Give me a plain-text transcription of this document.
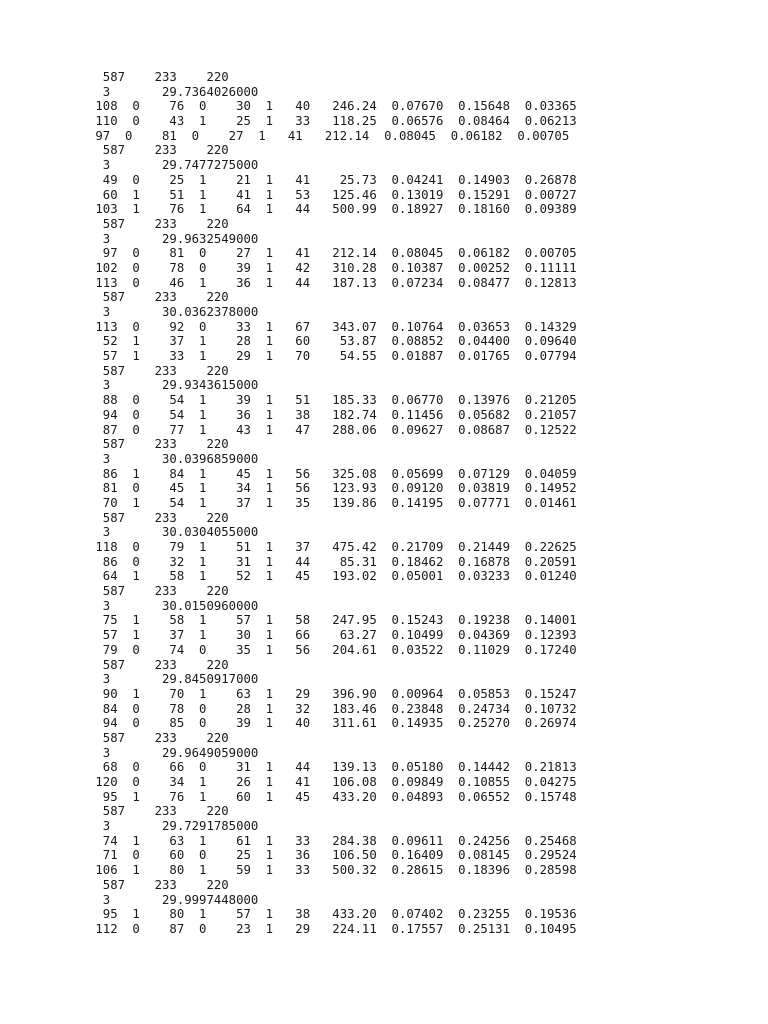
587    233    220
3       29.7364026000
108  0    76  0    30  1   40   246.24  0.07670  0.15648  0.03365
110  0    43  1    25  1   33   118.25  0.06576  0.08464  0.06213
97  0    81  0    27  1   41   212.14  0.08045  0.06182  0.00705
587    233    220
3       29.7477275000
49  0    25  1    21  1   41    25.73  0.04241  0.14903  0.26878
60  1    51  1    41  1   53   125.46  0.13019  0.15291  0.00727
103  1    76  1    64  1   44   500.99  0.18927  0.18160  0.09389
587    233    220
3       29.9632549000
97  0    81  0    27  1   41   212.14  0.08045  0.06182  0.00705
102  0    78  0    39  1   42   310.28  0.10387  0.00252  0.11111
113  0    46  1    36  1   44   187.13  0.07234  0.08477  0.12813
587    233    220
3       30.0362378000
113  0    92  0    33  1   67   343.07  0.10764  0.03653  0.14329
52  1    37  1    28  1   60    53.87  0.08852  0.04400  0.09640
57  1    33  1    29  1   70    54.55  0.01887  0.01765  0.07794
587    233    220
3       29.9343615000
88  0    54  1    39  1   51   185.33  0.06770  0.13976  0.21205
94  0    54  1    36  1   38   182.74  0.11456  0.05682  0.21057
87  0    77  1    43  1   47   288.06  0.09627  0.08687  0.12522
587    233    220
3       30.0396859000
86  1    84  1    45  1   56   325.08  0.05699  0.07129  0.04059
81  0    45  1    34  1   56   123.93  0.09120  0.03819  0.14952
70  1    54  1    37  1   35   139.86  0.14195  0.07771  0.01461
587    233    220
3       30.0304055000
118  0    79  1    51  1   37   475.42  0.21709  0.21449  0.22625
86  0    32  1    31  1   44    85.31  0.18462  0.16878  0.20591
64  1    58  1    52  1   45   193.02  0.05001  0.03233  0.01240
587    233    220
3       30.0150960000
75  1    58  1    57  1   58   247.95  0.15243  0.19238  0.14001
57  1    37  1    30  1   66    63.27  0.10499  0.04369  0.12393
79  0    74  0    35  1   56   204.61  0.03522  0.11029  0.17240
587    233    220
3       29.8450917000
90  1    70  1    63  1   29   396.90  0.00964  0.05853  0.15247
84  0    78  0    28  1   32   183.46  0.23848  0.24734  0.10732
94  0    85  0    39  1   40   311.61  0.14935  0.25270  0.26974
587    233    220
3       29.9649059000
68  0    66  0    31  1   44   139.13  0.05180  0.14442  0.21813
120  0    34  1    26  1   41   106.08  0.09849  0.10855  0.04275
95  1    76  1    60  1   45   433.20  0.04893  0.06552  0.15748
587    233    220
3       29.7291785000
74  1    63  1    61  1   33   284.38  0.09611  0.24256  0.25468
71  0    60  0    25  1   36   106.50  0.16409  0.08145  0.29524
106  1    80  1    59  1   33   500.32  0.28615  0.18396  0.28598
587    233    220
3       29.9997448000
95  1    80  1    57  1   38   433.20  0.07402  0.23255  0.19536
112  0    87  0    23  1   29   224.11  0.17557  0.25131  0.10495
